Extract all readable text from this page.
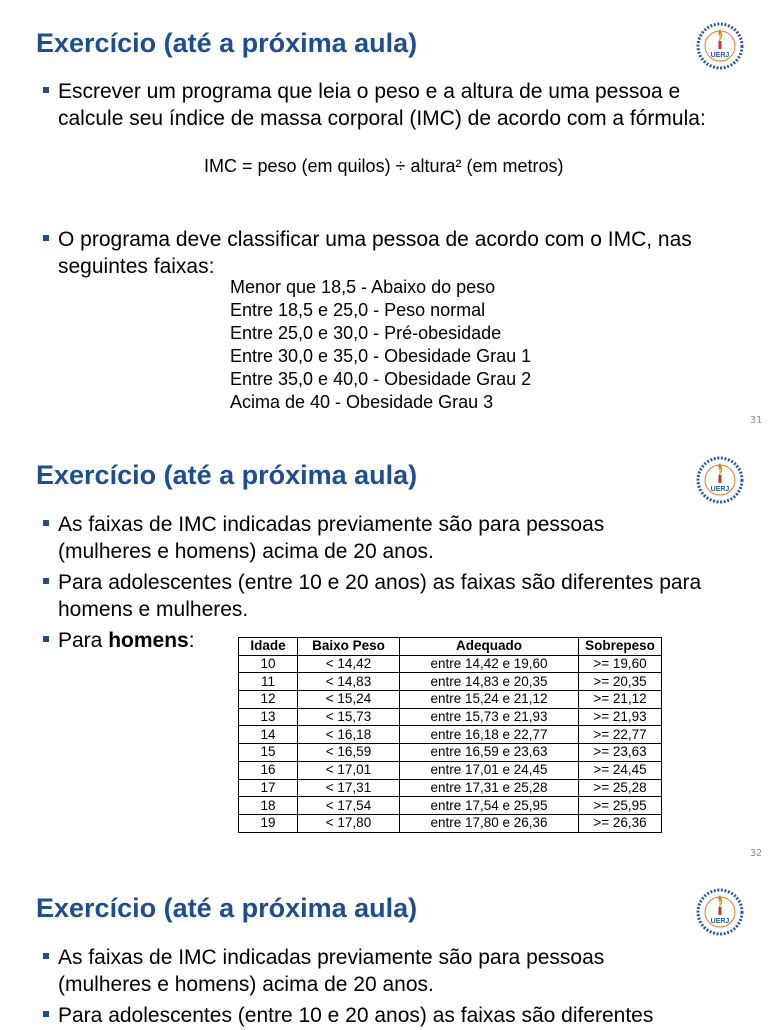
Exercício (até a próxima aula)
Escrever um programa que leia o peso e a altura de uma pessoa e calcule seu índice de massa corporal (IMC) de acordo com a fórmula:
IMC = peso (em quilos) ÷ altura² (em metros)
O programa deve classificar uma pessoa de acordo com o IMC, nas seguintes faixas:
Menor que 18,5 - Abaixo do peso
Entre 18,5 e 25,0 - Peso normal
Entre 25,0 e 30,0 - Pré-obesidade
Entre 30,0 e 35,0 - Obesidade Grau 1
Entre 35,0 e 40,0 - Obesidade Grau 2
Acima de 40 - Obesidade Grau 3
31
Exercício (até a próxima aula)
As faixas de IMC indicadas previamente são para pessoas (mulheres e homens) acima de 20 anos.
Para adolescentes (entre 10 e 20 anos) as faixas são diferentes para homens e mulheres.
Para homens:	Idade	Baixo Peso	Adequado	Sobrepeso
10	< 14,42	entre 14,42 e 19,60	>= 19,60
11	< 14,83	entre 14,83 e 20,35	>= 20,35
12	< 15,24	entre 15,24 e 21,12	>= 21,12
13	< 15,73	entre 15,73 e 21,93	>= 21,93
14	< 16,18	entre 16,18 e 22,77	>= 22,77
15	< 16,59	entre 16,59 e 23,63	>= 23,63
16	< 17,01	entre 17,01 e 24,45	>= 24,45
17	< 17,31	entre 17,31 e 25,28	>= 25,28
18	< 17,54	entre 17,54 e 25,95	>= 25,95
19	< 17,80	entre 17,80 e 26,36	>= 26,36
32
Exercício (até a próxima aula)
As faixas de IMC indicadas previamente são para pessoas (mulheres e homens) acima de 20 anos.
Para adolescentes (entre 10 e 20 anos) as faixas são diferentes
